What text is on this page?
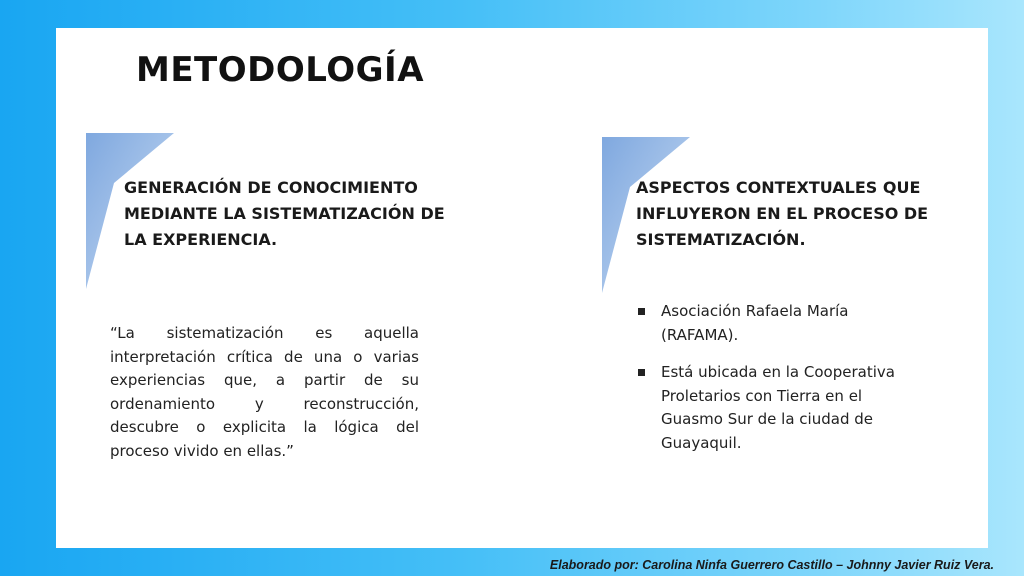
METODOLOGÍA
GENERACIÓN DE CONOCIMIENTO MEDIANTE LA SISTEMATIZACIÓN DE LA EXPERIENCIA.

“La sistematización es aquella interpretación crítica de una o varias experiencias que, a partir de su ordenamiento y reconstrucción, descubre o explicita la lógica del proceso vivido en ellas.”

ASPECTOS CONTEXTUALES QUE INFLUYERON EN EL PROCESO DE SISTEMATIZACIÓN.
Asociación Rafaela María (RAFAMA).
Está ubicada en la Cooperativa Proletarios con Tierra en el Guasmo Sur de la ciudad de Guayaquil.

Elaborado por: Carolina Ninfa Guerrero Castillo – Johnny Javier Ruiz Vera.
